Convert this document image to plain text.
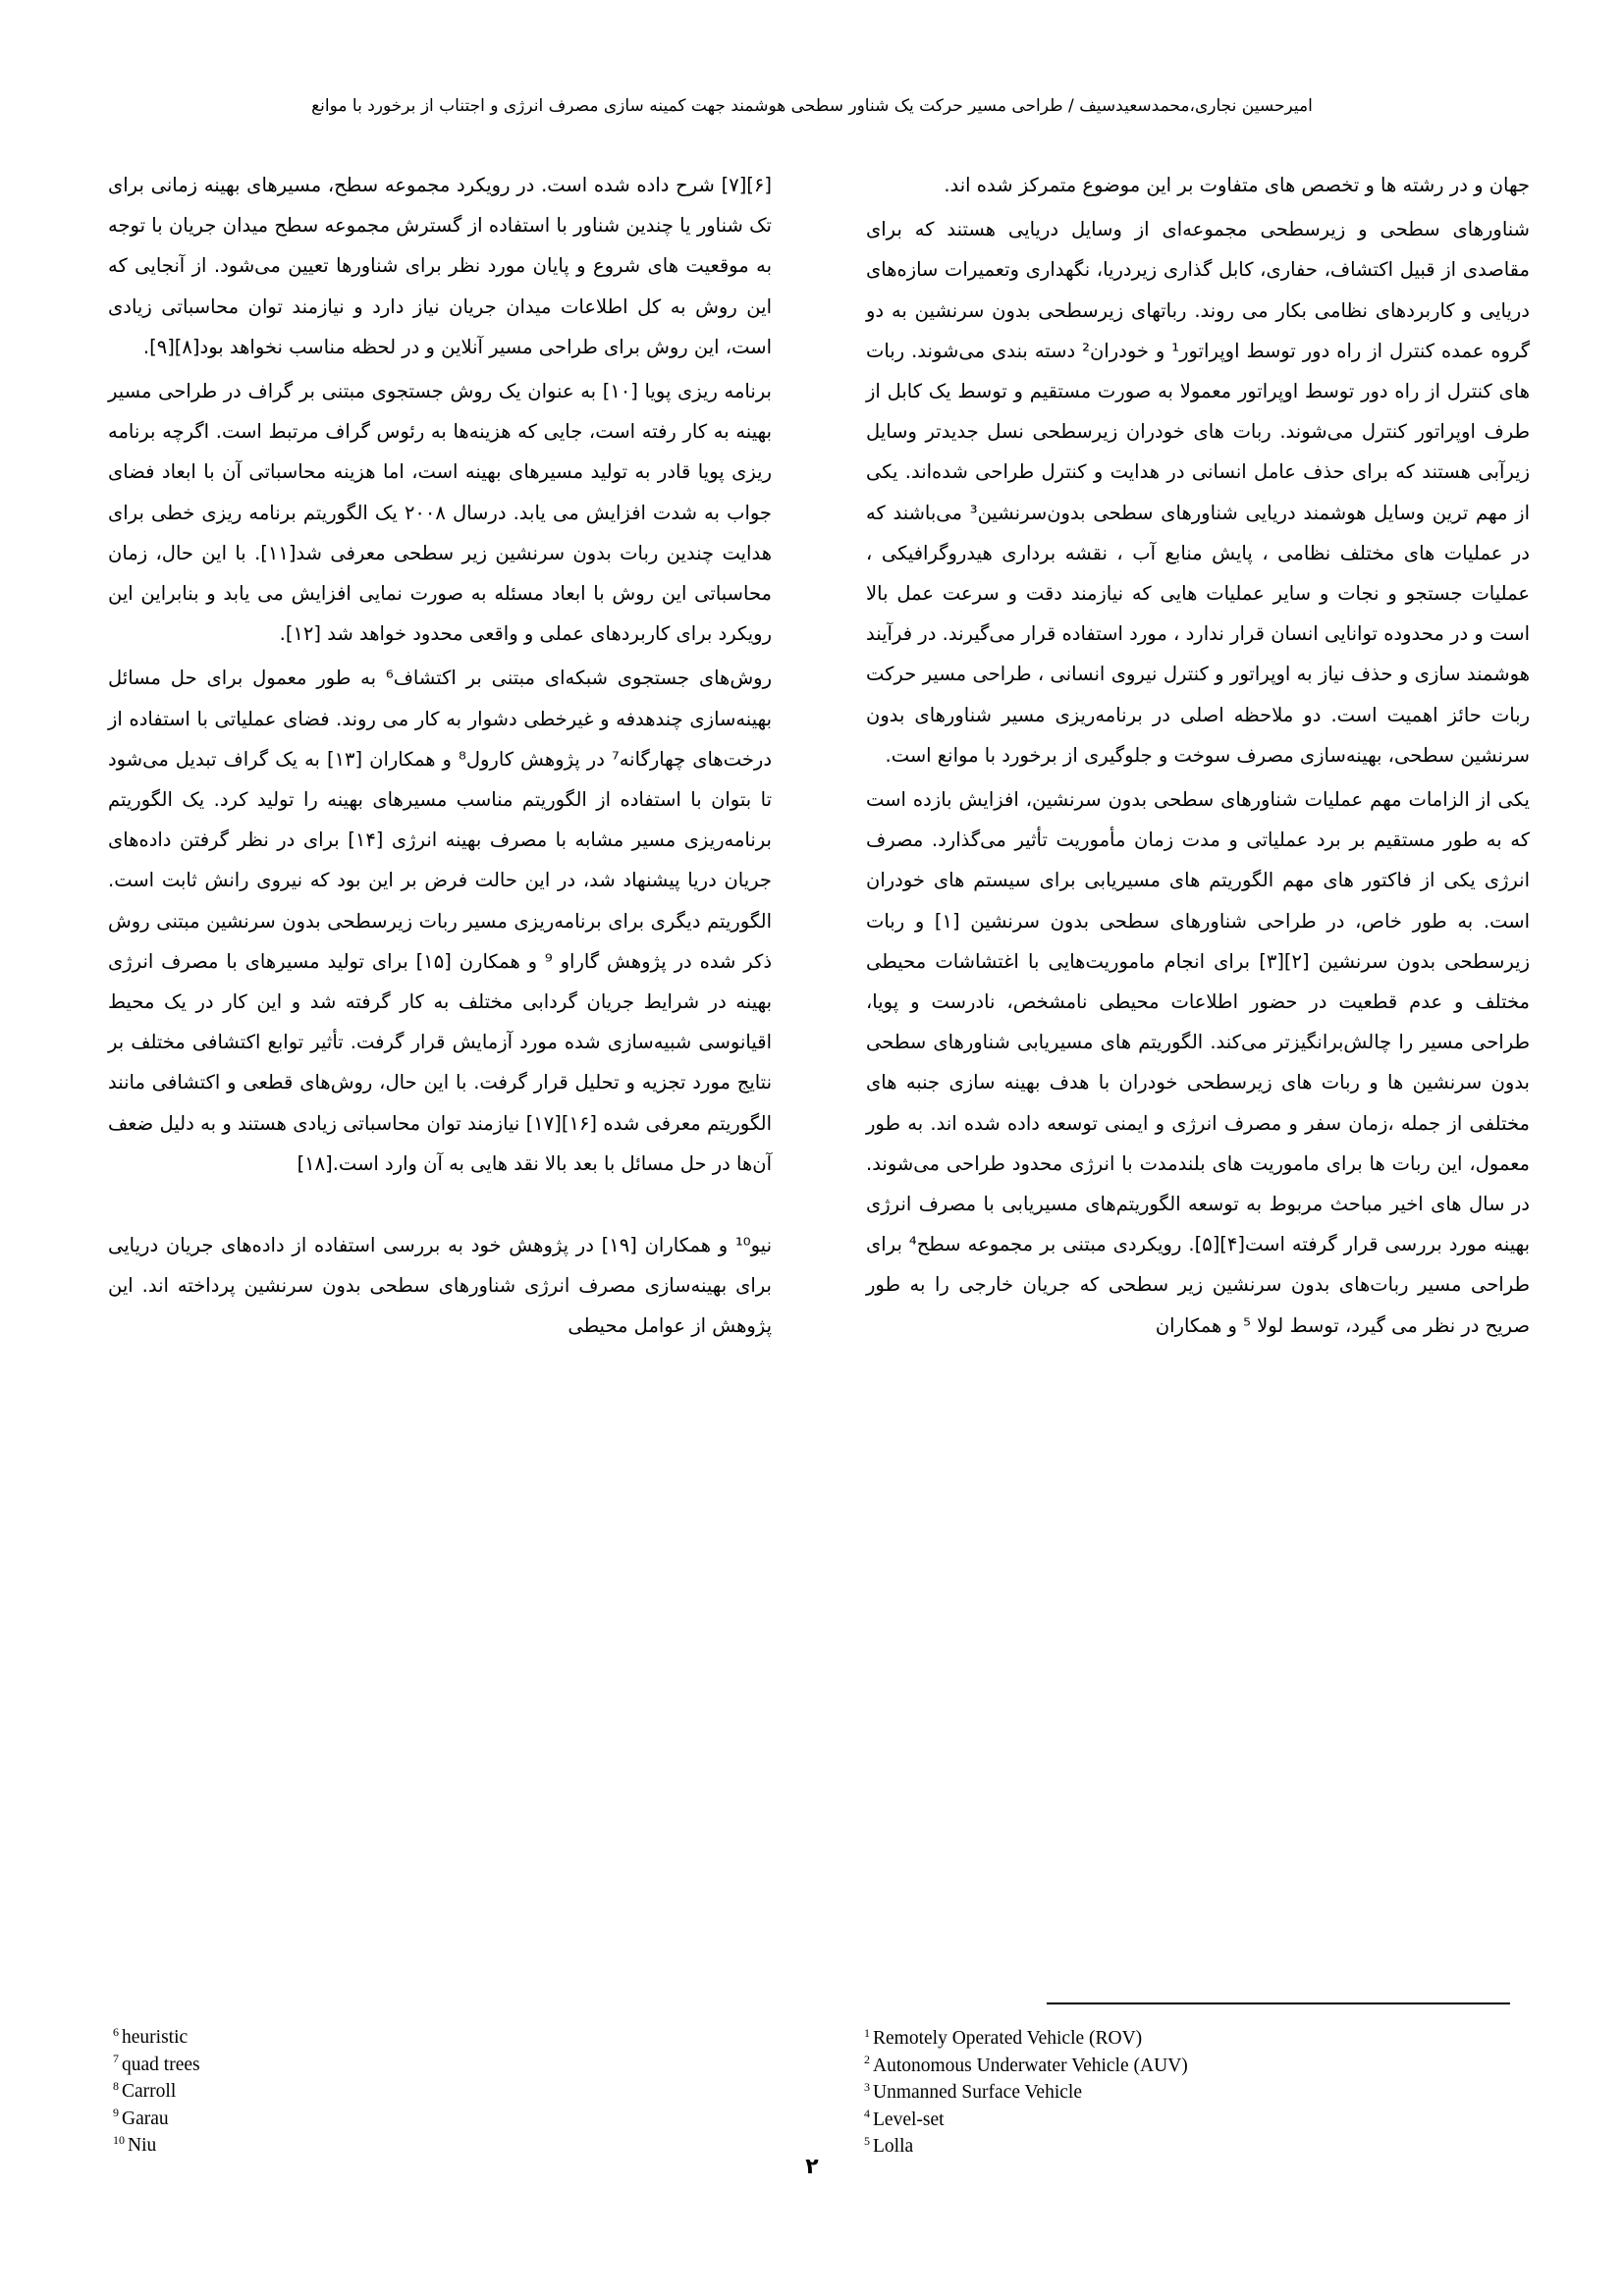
امیرحسین نجاری،محمدسعیدسیف / طراحی مسیر حرکت یک شناور سطحی هوشمند جهت کمینه سازی مصرف انرژی و اجتناب از برخورد با موانع

جهان و در رشته ها و تخصص های متفاوت بر این موضوع متمرکز شده اند.

شناورهای سطحی و زیرسطحی مجموعه‌ای از وسایل دریایی هستند که برای مقاصدی از قبیل اکتشاف، حفاری، کابل گذاری زیردریا، نگهداری وتعمیرات سازه‌های دریایی و کاربردهای نظامی بکار می روند. رباتهای زیرسطحی بدون سرنشین به دو گروه عمده کنترل از راه دور توسط اوپراتور¹ و خودران² دسته بندی می‌شوند. ربات های کنترل از راه دور توسط اوپراتور معمولا به صورت مستقیم و توسط یک کابل از طرف اوپراتور کنترل می‌شوند. ربات های خودران زیرسطحی نسل جدیدتر وسایل زیرآبی هستند که برای حذف عامل انسانی در هدایت و کنترل طراحی شده‌اند. یکی از مهم ترین وسایل هوشمند دریایی شناورهای سطحی بدون‌سرنشین³ می‌باشند که در عملیات های مختلف نظامی ، پایش منابع آب ، نقشه برداری هیدروگرافیکی ، عملیات جستجو و نجات و سایر عملیات هایی که نیازمند دقت و سرعت عمل بالا است و در محدوده توانایی انسان قرار ندارد ، مورد استفاده قرار می‌گیرند. در فرآیند هوشمند سازی و حذف نیاز به اوپراتور و کنترل نیروی انسانی ، طراحی مسیر حرکت ربات حائز اهمیت است. دو ملاحظه اصلی در برنامه‌ریزی مسیر شناورهای بدون سرنشین سطحی، بهینه‌سازی مصرف سوخت و جلوگیری از برخورد با موانع است.

یکی از الزامات مهم عملیات شناورهای سطحی بدون سرنشین، افزایش بازده است که به طور مستقیم بر برد عملیاتی و مدت زمان مأموریت تأثیر می‌گذارد. مصرف انرژی یکی از فاکتور های مهم الگوریتم های مسیریابی برای سیستم های خودران است. به طور خاص، در طراحی شناورهای سطحی بدون سرنشین [۱] و ربات زیرسطحی بدون سرنشین [۲][۳] برای انجام ماموریت‌هایی با اغتشاشات محیطی مختلف و عدم قطعیت در حضور اطلاعات محیطی نامشخص، نادرست و پویا، طراحی مسیر را چالش‌برانگیزتر می‌کند. الگوریتم های مسیریابی شناورهای سطحی بدون سرنشین ها و ربات های زیرسطحی خودران با هدف بهینه سازی جنبه های مختلفی از جمله ،زمان سفر و مصرف انرژی و ایمنی توسعه داده شده اند. به طور معمول، این ربات ها برای ماموریت های بلندمدت با انرژی محدود طراحی می‌شوند. در سال های اخیر مباحث مربوط به توسعه الگوریتم‌های مسیریابی با مصرف انرژی بهینه مورد بررسی قرار گرفته است[۴][۵]. رویکردی مبتنی بر مجموعه سطح⁴ برای طراحی مسیر ربات‌های بدون سرنشین زیر سطحی که جریان خارجی را به طور صریح در نظر می گیرد، توسط لولا ⁵ و همکاران

[۶][۷] شرح داده شده است. در رویکرد مجموعه سطح، مسیرهای بهینه زمانی برای تک شناور یا چندین شناور با استفاده از گسترش مجموعه سطح میدان جریان با توجه به موقعیت های شروع و پایان مورد نظر برای شناورها تعیین می‌شود. از آنجایی که این روش به کل اطلاعات میدان جریان نیاز دارد و نیازمند توان محاسباتی زیادی است، این روش برای طراحی مسیر آنلاین و در لحظه مناسب نخواهد بود[۸][۹].

برنامه ریزی پویا [۱۰] به عنوان یک روش جستجوی مبتنی بر گراف در طراحی مسیر بهینه به کار رفته است، جایی که هزینه‌ها به رئوس گراف مرتبط است. اگرچه برنامه ریزی پویا قادر به تولید مسیرهای بهینه است، اما هزینه محاسباتی آن با ابعاد فضای جواب به شدت افزایش می یابد. درسال ۲۰۰۸ یک الگوریتم برنامه ریزی خطی برای هدایت چندین ربات بدون سرنشین زیر سطحی معرفی شد[۱۱]. با این حال، زمان محاسباتی این روش با ابعاد مسئله به صورت نمایی افزایش می یابد و بنابراین این رویکرد برای کاربردهای عملی و واقعی محدود خواهد شد [۱۲].

روش‌های جستجوی شبکه‌ای مبتنی بر اکتشاف⁶ به طور معمول برای حل مسائل بهینه‌سازی چندهدفه و غیرخطی دشوار به کار می روند. فضای عملیاتی با استفاده از درخت‌های چهارگانه⁷ در پژوهش کارول⁸ و همکاران [۱۳] به یک گراف تبدیل می‌شود تا بتوان با استفاده از الگوریتم مناسب مسیرهای بهینه را تولید کرد. یک الگوریتم برنامه‌ریزی مسیر مشابه با مصرف بهینه انرژی [۱۴] برای در نظر گرفتن داده‌های جریان دریا پیشنهاد شد، در این حالت فرض بر این بود که نیروی رانش ثابت است. الگوریتم دیگری برای برنامه‌ریزی مسیر ربات زیرسطحی بدون سرنشین مبتنی روش ذکر شده در پژوهش گاراو ⁹ و همکارن [۱۵] برای تولید مسیرهای با مصرف انرژی بهینه در شرایط جریان گردابی مختلف به کار گرفته شد و این کار در یک محیط اقیانوسی شبیه‌سازی شده مورد آزمایش قرار گرفت. تأثیر توابع اکتشافی مختلف بر نتایج مورد تجزیه و تحلیل قرار گرفت. با این حال، روش‌های قطعی و اکتشافی مانند الگوریتم معرفی شده [۱۶][۱۷] نیازمند توان محاسباتی زیادی هستند و به دلیل ضعف آن‌ها در حل مسائل با بعد بالا نقد هایی به آن وارد است.[۱۸]

نیو¹⁰ و همکاران [۱۹] در پژوهش خود به بررسی استفاده از داده‌های جریان دریایی برای بهینه‌سازی مصرف انرژی شناورهای سطحی بدون سرنشین پرداخته اند. این پژوهش از عوامل محیطی

$^1$ Remotely Operated Vehicle (ROV)
$^2$ Autonomous Underwater Vehicle (AUV)
$^3$ Unmanned Surface Vehicle
$^4$ Level-set
$^5$ Lolla
$^6$ heuristic
$^7$ quad trees
$^8$ Carroll
$^9$ Garau
$^{10}$ Niu
۲
